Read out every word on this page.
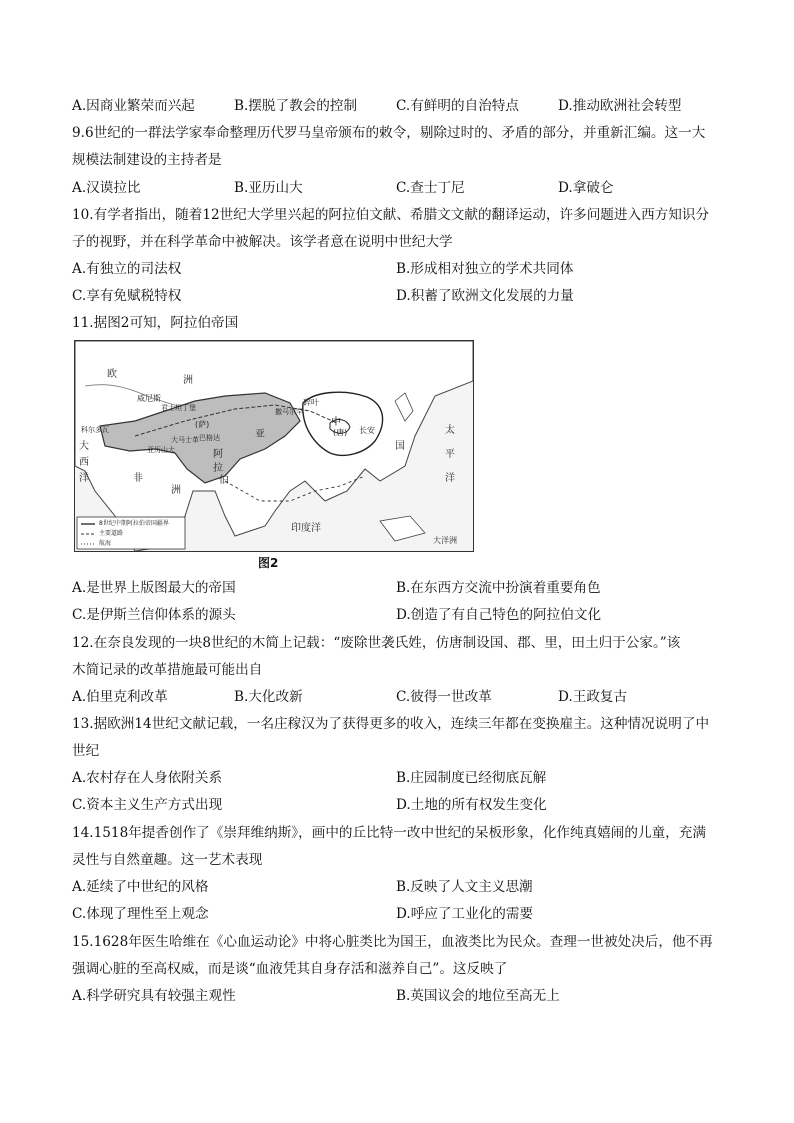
A.因商业繁荣而兴起	B.摆脱了教会的控制	C.有鲜明的自治特点	D.推动欧洲社会转型
9.6世纪的一群法学家奉命整理历代罗马皇帝颁布的敕令，剔除过时的、矛盾的部分，并重新汇编。这一大
规模法制建设的主持者是
A.汉谟拉比	B.亚历山大	C.查士丁尼	D.拿破仑
10.有学者指出，随着12世纪大学里兴起的阿拉伯文献、希腊文文献的翻译运动，许多问题进入西方知识分
子的视野，并在科学革命中被解决。该学者意在说明中世纪大学
A.有独立的司法权	B.形成相对独立的学术共同体
C.享有免赋税特权	D.积蓄了欧洲文化发展的力量
11.据图2可知，阿拉伯帝国
欧
洲
威尼斯
君士坦丁堡
亚
中
国
(唐) 长安
碎叶
撒马尔罕
(萨)
巴格达
大马士革
亚历山大
科尔多瓦
阿
拉
伯
非
洲
印度洋
太
平
洋
大
西
洋
大洋洲
8世纪中期阿拉伯帝国疆界
主要道路
航海
图2
A.是世界上版图最大的帝国	B.在东西方交流中扮演着重要角色
C.是伊斯兰信仰体系的源头	D.创造了有自己特色的阿拉伯文化
12.在奈良发现的一块8世纪的木简上记载：“废除世袭氏姓，仿唐制设国、郡、里，田土归于公家。”该
木简记录的改革措施最可能出自
A.伯里克利改革	B.大化改新	C.彼得一世改革	D.王政复古
13.据欧洲14世纪文献记载，一名庄稼汉为了获得更多的收入，连续三年都在变换雇主。这种情况说明了中
世纪
A.农村存在人身依附关系	B.庄园制度已经彻底瓦解
C.资本主义生产方式出现	D.土地的所有权发生变化
14.1518年提香创作了《崇拜维纳斯》，画中的丘比特一改中世纪的呆板形象，化作纯真嬉闹的儿童，充满
灵性与自然童趣。这一艺术表现
A.延续了中世纪的风格	B.反映了人文主义思潮
C.体现了理性至上观念	D.呼应了工业化的需要
15.1628年医生哈维在《心血运动论》中将心脏类比为国王，血液类比为民众。查理一世被处决后，他不再
强调心脏的至高权威，而是谈“血液凭其自身存活和滋养自己”。这反映了
A.科学研究具有较强主观性	B.英国议会的地位至高无上
